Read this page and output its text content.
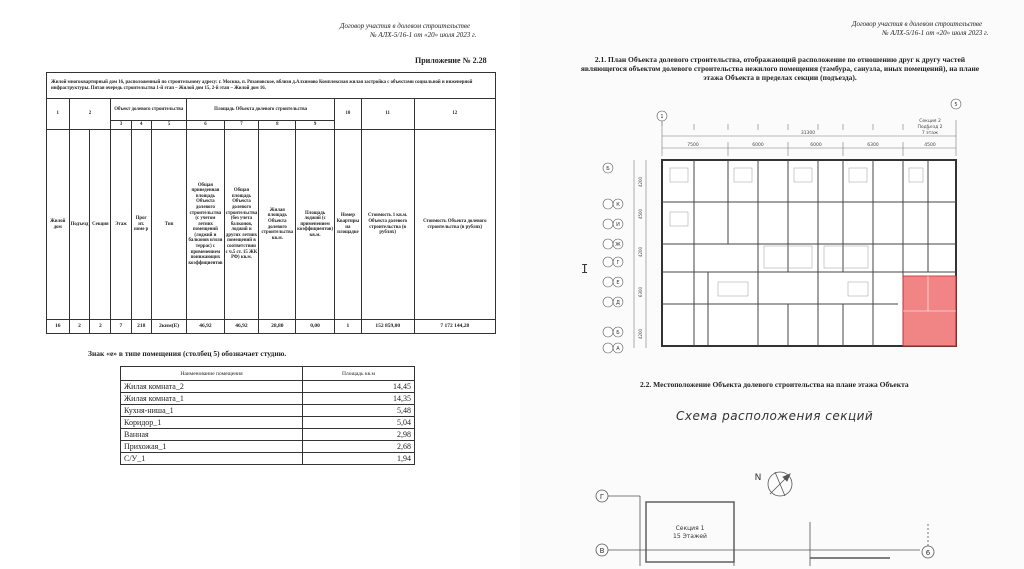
Договор участия в долевом строительстве
№ АЛХ-5/16-1 от «20» июля 2023 г.
Приложение № 2.28
Жилой многоквартирный дом 16, расположенный по строительному адресу: г. Москва, п. Рязановское, вблизи д.Алхимово Комплексная жилая застройка с объектами социальной и инженерной инфраструктуры. Пятая очередь строительства 1-й этап – Жилой дом 15, 2-й этап – Жилой дом 16.												
1	2		Объект долевого строительства			Площадь Объекта долевого строительства				10	11	12
			3	4	5	6	7	8	9			
Жилой дом	Подъезд	Секция	Этаж	Прог ит. номе р	Тип	Общая приведенная площадь Объекта долевого строительства (с учетом летних помещений (лоджий и балконов и/или террас) с применением понижающих коэффициентов	Общая площадь Объекта долевого строительства (без учета балконов, лоджий и других летних помещений в соответствии с ч.5 ст. 15 ЖК РФ) кв.м.	Жилая площадь Объекта долевого строительства кв.м.	Площадь лоджий (с применением коэффициентов) кв.м.	Номер Квартиры на площадке	Стоимость 1 кв.м. Объекта долевого строительства (в рублях)	Стоимость Объекта долевого строительства (в рублях)
16	2	2	7	218	2кнм(Е)	46,92	46,92	28,80	0,00	1	152 859,00	7 172 144,28
Знак «е» в типе помещения (столбец 5) обозначает студию.
Наименование помещения	Площадь кв.м
Жилая комната_2	14,45
Жилая комната_1	14,35
Кухня-ниша_1	5,48
Коридор_1	5,04
Ванная	2,98
Прихожая_1	2,68
С/У_1	1,94
Договор участия в долевом строительстве
№ АЛХ-5/16-1 от «20» июля 2023 г.
I
2.1. План Объекта долевого строительства, отображающий расположение по отношению друг к другу частей являющегося объектом долевого строительства нежилого помещения (тамбура, санузла, иных помещений), на плане этажа Объекта в пределах секции (подъезда).
1
5
Б
К
И
Ж
Г
Е
Д
Б
А
7500	6000	6000	6300	4500
31300
Секция 2
Подъезд 2
7 этаж
4200
4500
4200
6300
4200
2.2. Местоположение Объекта долевого строительства на плане этажа Объекта
Схема расположения секций
N
Г
В	6
Секция 1
15 Этажей
